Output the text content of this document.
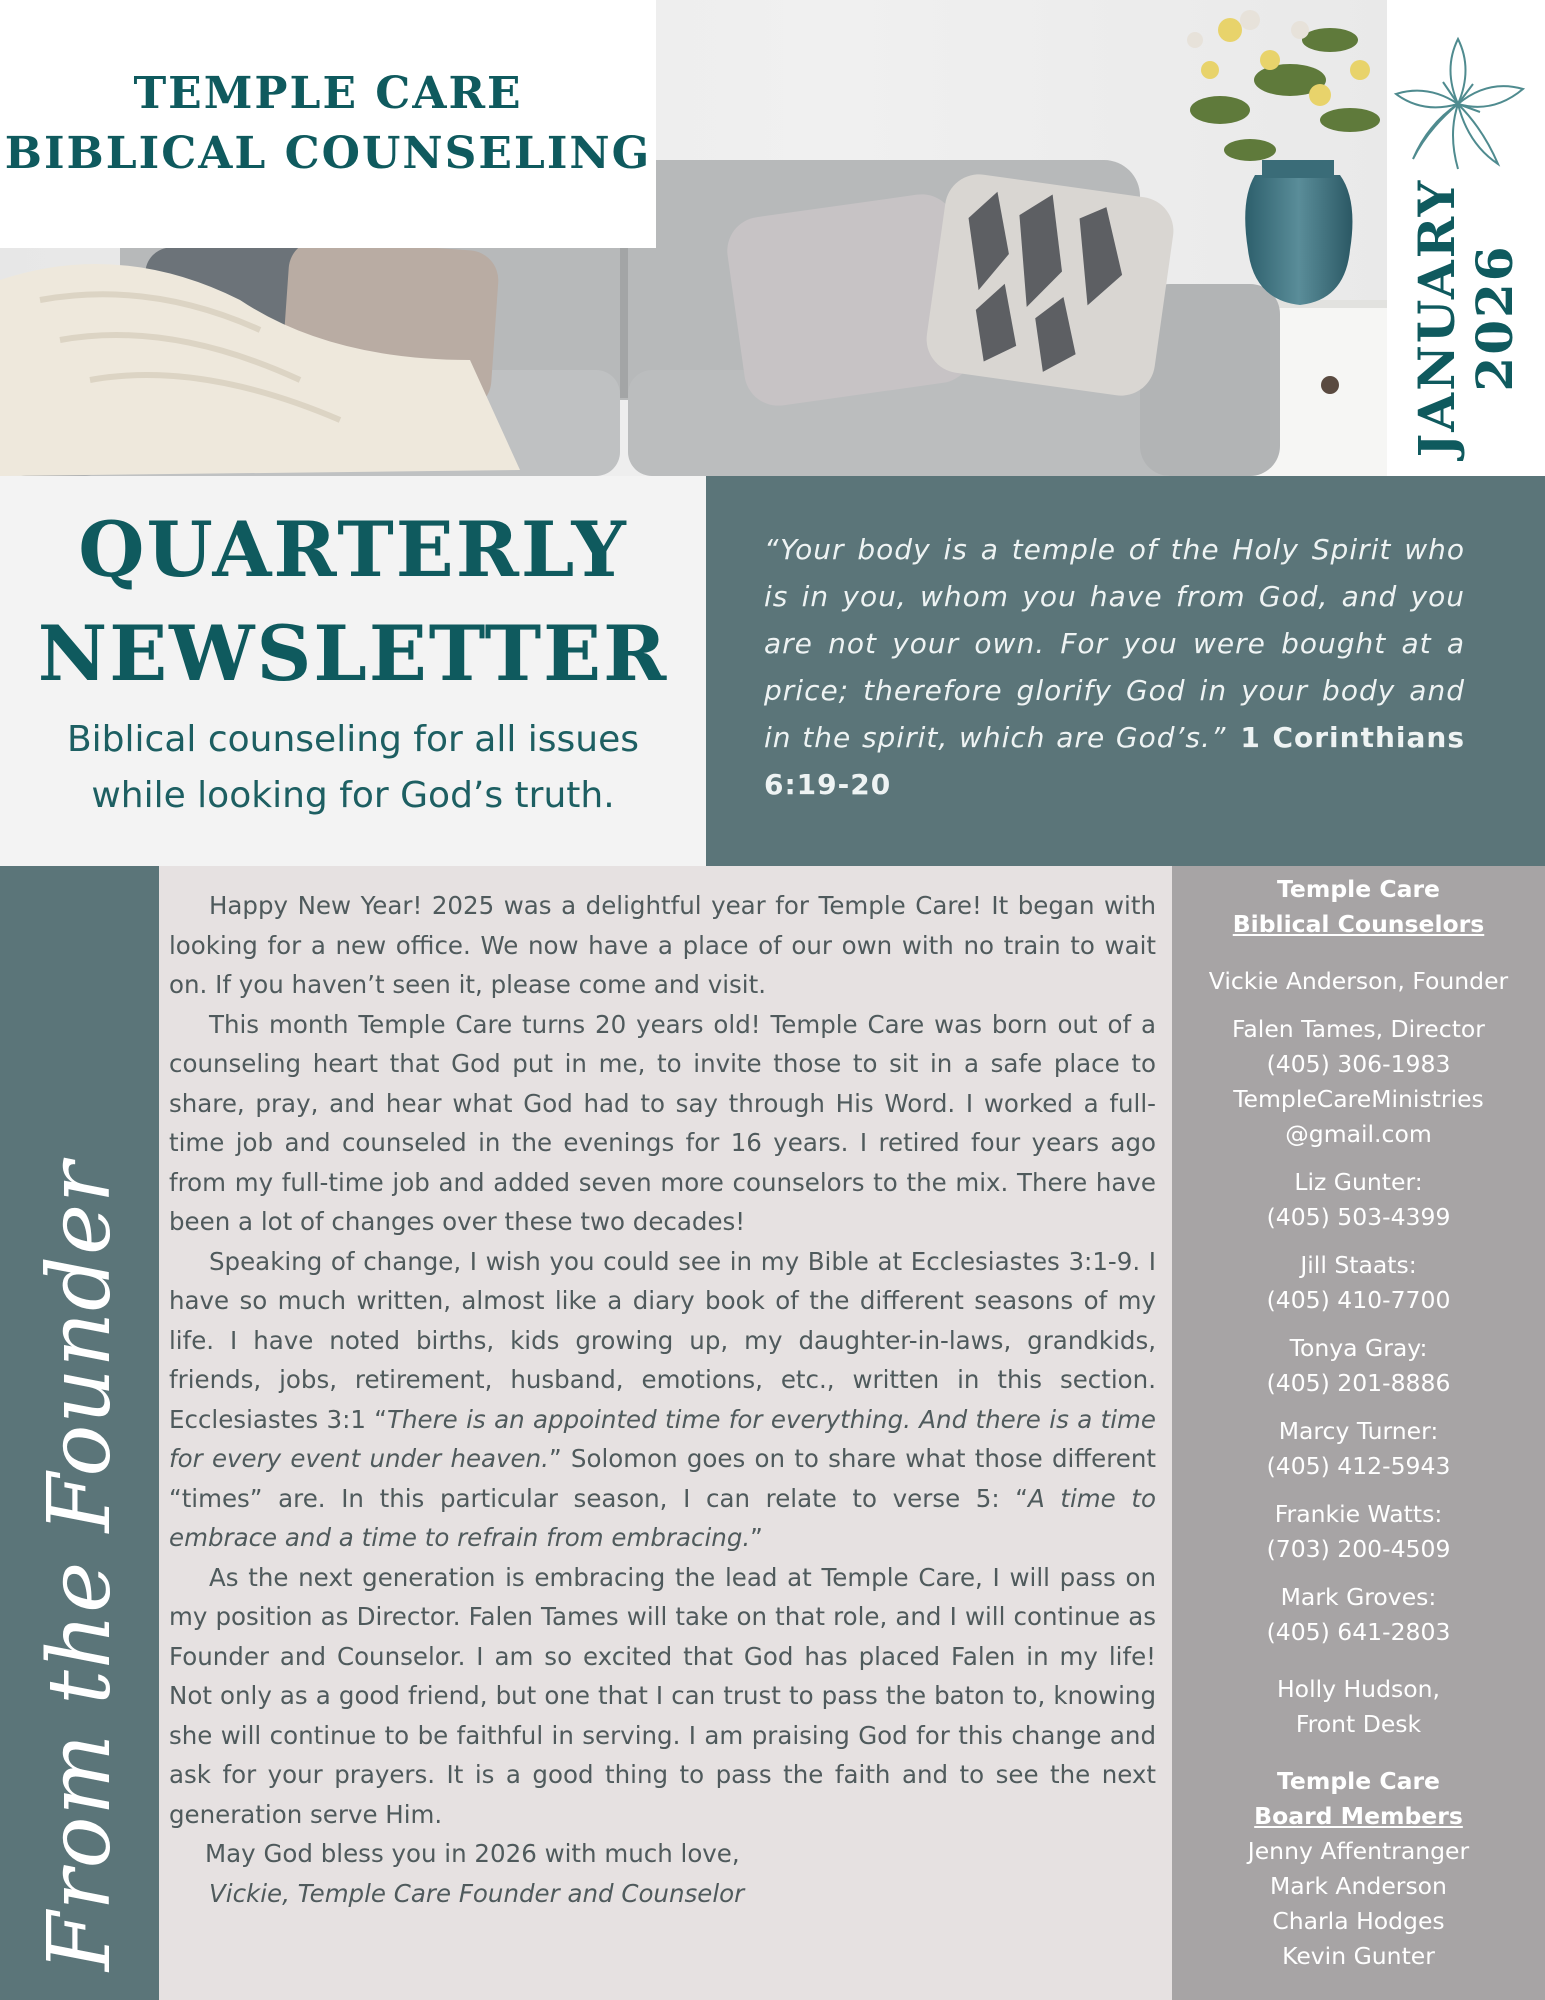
TEMPLE CARE
BIBLICAL COUNSELING
JANUARY 2026
QUARTERLY
NEWSLETTER
Biblical counseling for all issues while looking for God’s truth.

“Your body is a temple of the Holy Spirit who is in you, whom you have from God, and you are not your own. For you were bought at a price; therefore glorify God in your body and in the spirit, which are God’s.” 1 Corinthians 6:19-20

From the Founder

Happy New Year! 2025 was a delightful year for Temple Care! It began with looking for a new office. We now have a place of our own with no train to wait on. If you haven’t seen it, please come and visit.

This month Temple Care turns 20 years old! Temple Care was born out of a counseling heart that God put in me, to invite those to sit in a safe place to share, pray, and hear what God had to say through His Word. I worked a full-time job and counseled in the evenings for 16 years. I retired four years ago from my full-time job and added seven more counselors to the mix. There have been a lot of changes over these two decades!

Speaking of change, I wish you could see in my Bible at Ecclesiastes 3:1-9. I have so much written, almost like a diary book of the different seasons of my life. I have noted births, kids growing up, my daughter-in-laws, grandkids, friends, jobs, retirement, husband, emotions, etc., written in this section. Ecclesiastes 3:1 “There is an appointed time for everything. And there is a time for every event under heaven.” Solomon goes on to share what those different “times” are. In this particular season, I can relate to verse 5: “A time to embrace and a time to refrain from embracing.”

As the next generation is embracing the lead at Temple Care, I will pass on my position as Director. Falen Tames will take on that role, and I will continue as Founder and Counselor. I am so excited that God has placed Falen in my life! Not only as a good friend, but one that I can trust to pass the baton to, knowing she will continue to be faithful in serving. I am praising God for this change and ask for your prayers. It is a good thing to pass the faith and to see the next generation serve Him.

May God bless you in 2026 with much love,

Vickie, Temple Care Founder and Counselor

Temple Care
Biblical Counselors
Vickie Anderson, Founder
Falen Tames, Director
(405) 306-1983
TempleCareMinistries
@gmail.com
Liz Gunter:
(405) 503-4399
Jill Staats:
(405) 410-7700
Tonya Gray:
(405) 201-8886
Marcy Turner:
(405) 412-5943
Frankie Watts:
(703) 200-4509
Mark Groves:
(405) 641-2803
Holly Hudson,
Front Desk
Temple Care
Board Members
Jenny Affentranger
Mark Anderson
Charla Hodges
Kevin Gunter
